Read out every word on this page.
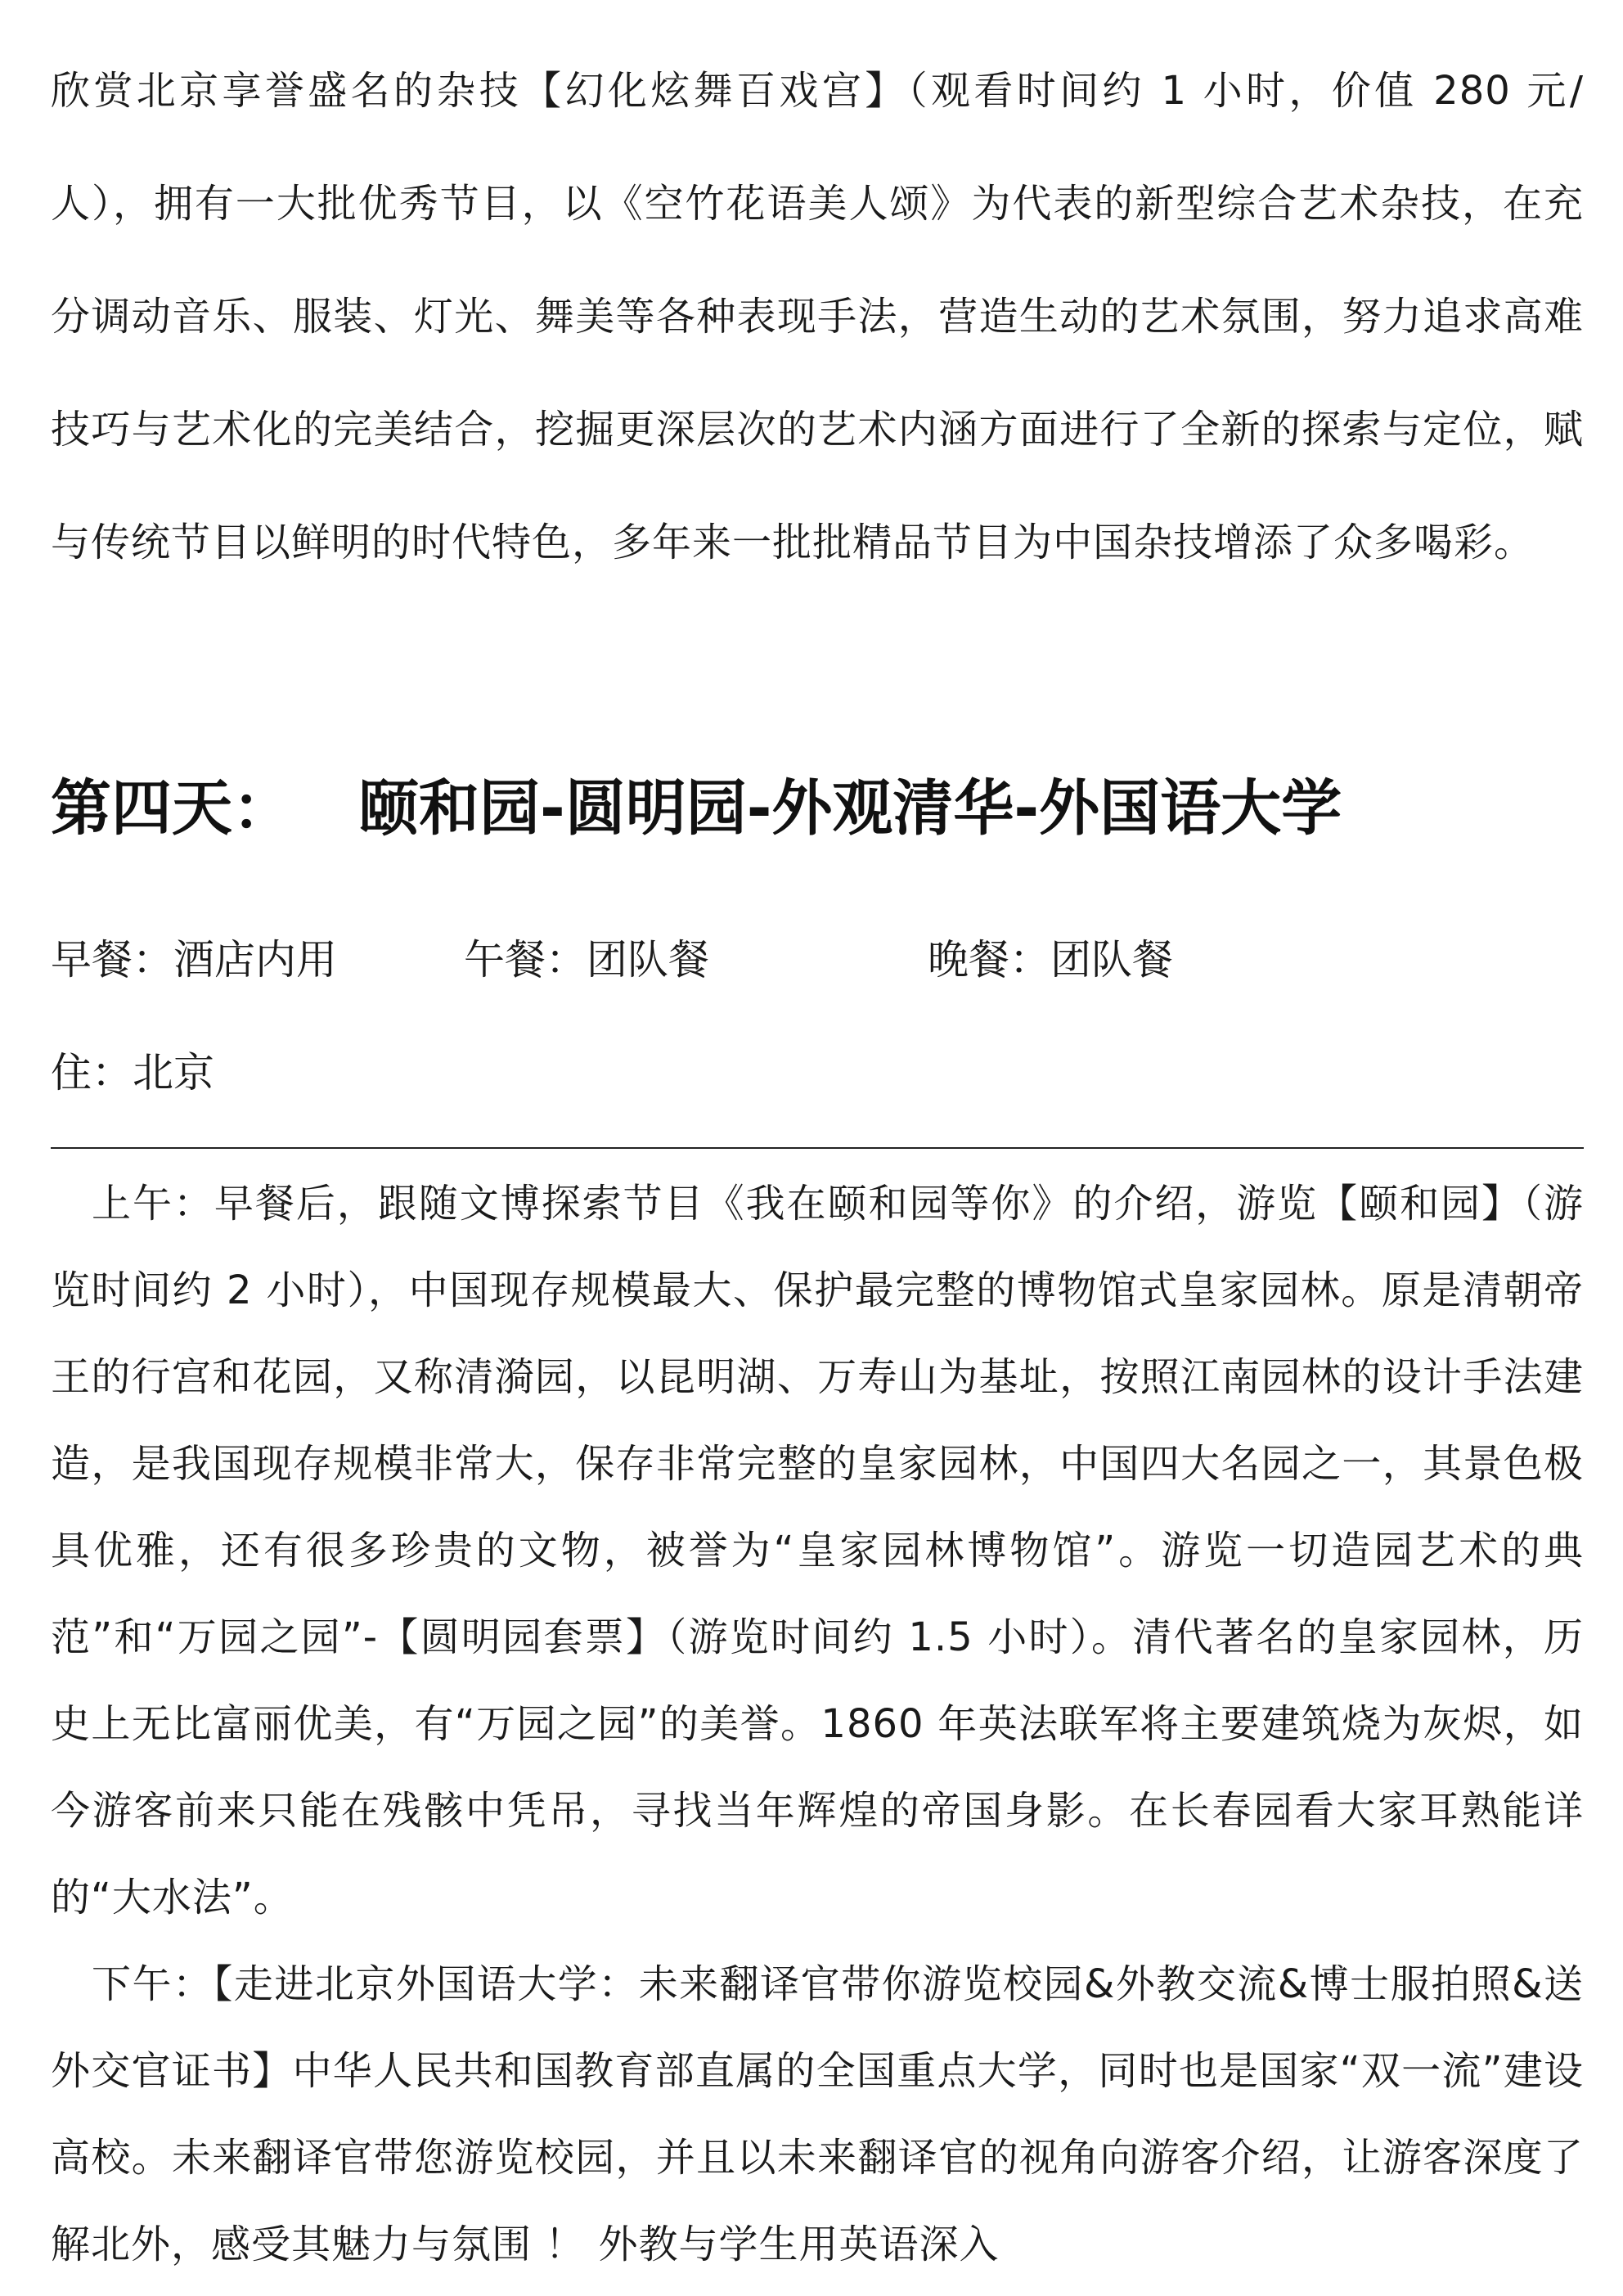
欣赏北京享誉盛名的杂技【幻化炫舞百戏宫】（观看时间约 1 小时，价值 280 元/人），拥有一大批优秀节目，以《空竹花语美人颂》为代表的新型综合艺术杂技，在充分调动音乐、服装、灯光、舞美等各种表现手法，营造生动的艺术氛围，努力追求高难技巧与艺术化的完美结合，挖掘更深层次的艺术内涵方面进行了全新的探索与定位，赋与传统节目以鲜明的时代特色，多年来一批批精品节目为中国杂技增添了众多喝彩。

第四天： 颐和园-圆明园-外观清华-外国语大学
早餐：酒店内用	午餐：团队餐	晚餐：团队餐
住：北京

上午：早餐后，跟随文博探索节目《我在颐和园等你》的介绍，游览【颐和园】（游览时间约 2 小时），中国现存规模最大、保护最完整的博物馆式皇家园林。原是清朝帝王的行宫和花园，又称清漪园，以昆明湖、万寿山为基址，按照江南园林的设计手法建造，是我国现存规模非常大，保存非常完整的皇家园林，中国四大名园之一，其景色极具优雅，还有很多珍贵的文物，被誉为“皇家园林博物馆”。游览一切造园艺术的典范”和“万园之园”-【圆明园套票】（游览时间约 1.5 小时）。清代著名的皇家园林，历史上无比富丽优美，有“万园之园”的美誉。1860 年英法联军将主要建筑烧为灰烬，如今游客前来只能在残骸中凭吊，寻找当年辉煌的帝国身影。在长春园看大家耳熟能详的“大水法”。

下午：【走进北京外国语大学：未来翻译官带你游览校园&外教交流&博士服拍照&送外交官证书】中华人民共和国教育部直属的全国重点大学，同时也是国家“双一流”建设高校。未来翻译官带您游览校园，并且以未来翻译官的视角向游客介绍，让游客深度了解北外，感受其魅力与氛围 ！ 外教与学生用英语深入
